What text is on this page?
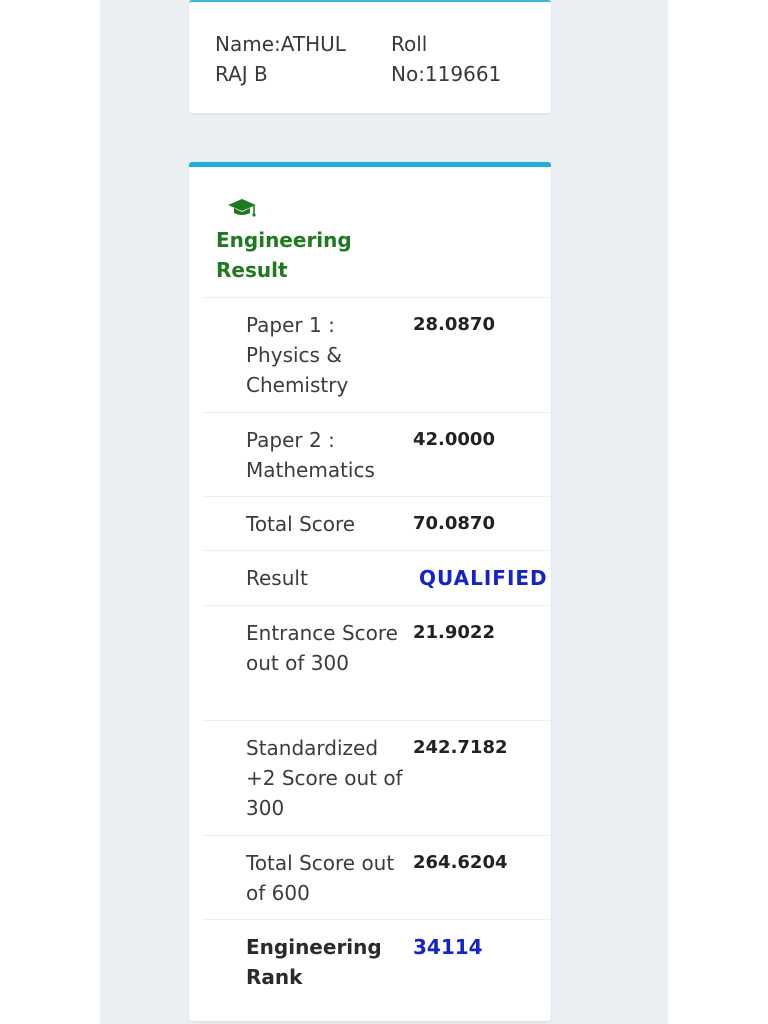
Name:ATHUL RAJ B
Roll No:119661
Engineering Result
Paper 1 : Physics & Chemistry
28.0870
Paper 2 : Mathematics
42.0000
Total Score	70.0870
Result	QUALIFIED
Entrance Score out of 300
21.9022
Standardized +2 Score out of 300
242.7182
Total Score out of 600
264.6204
Engineering Rank
34114
